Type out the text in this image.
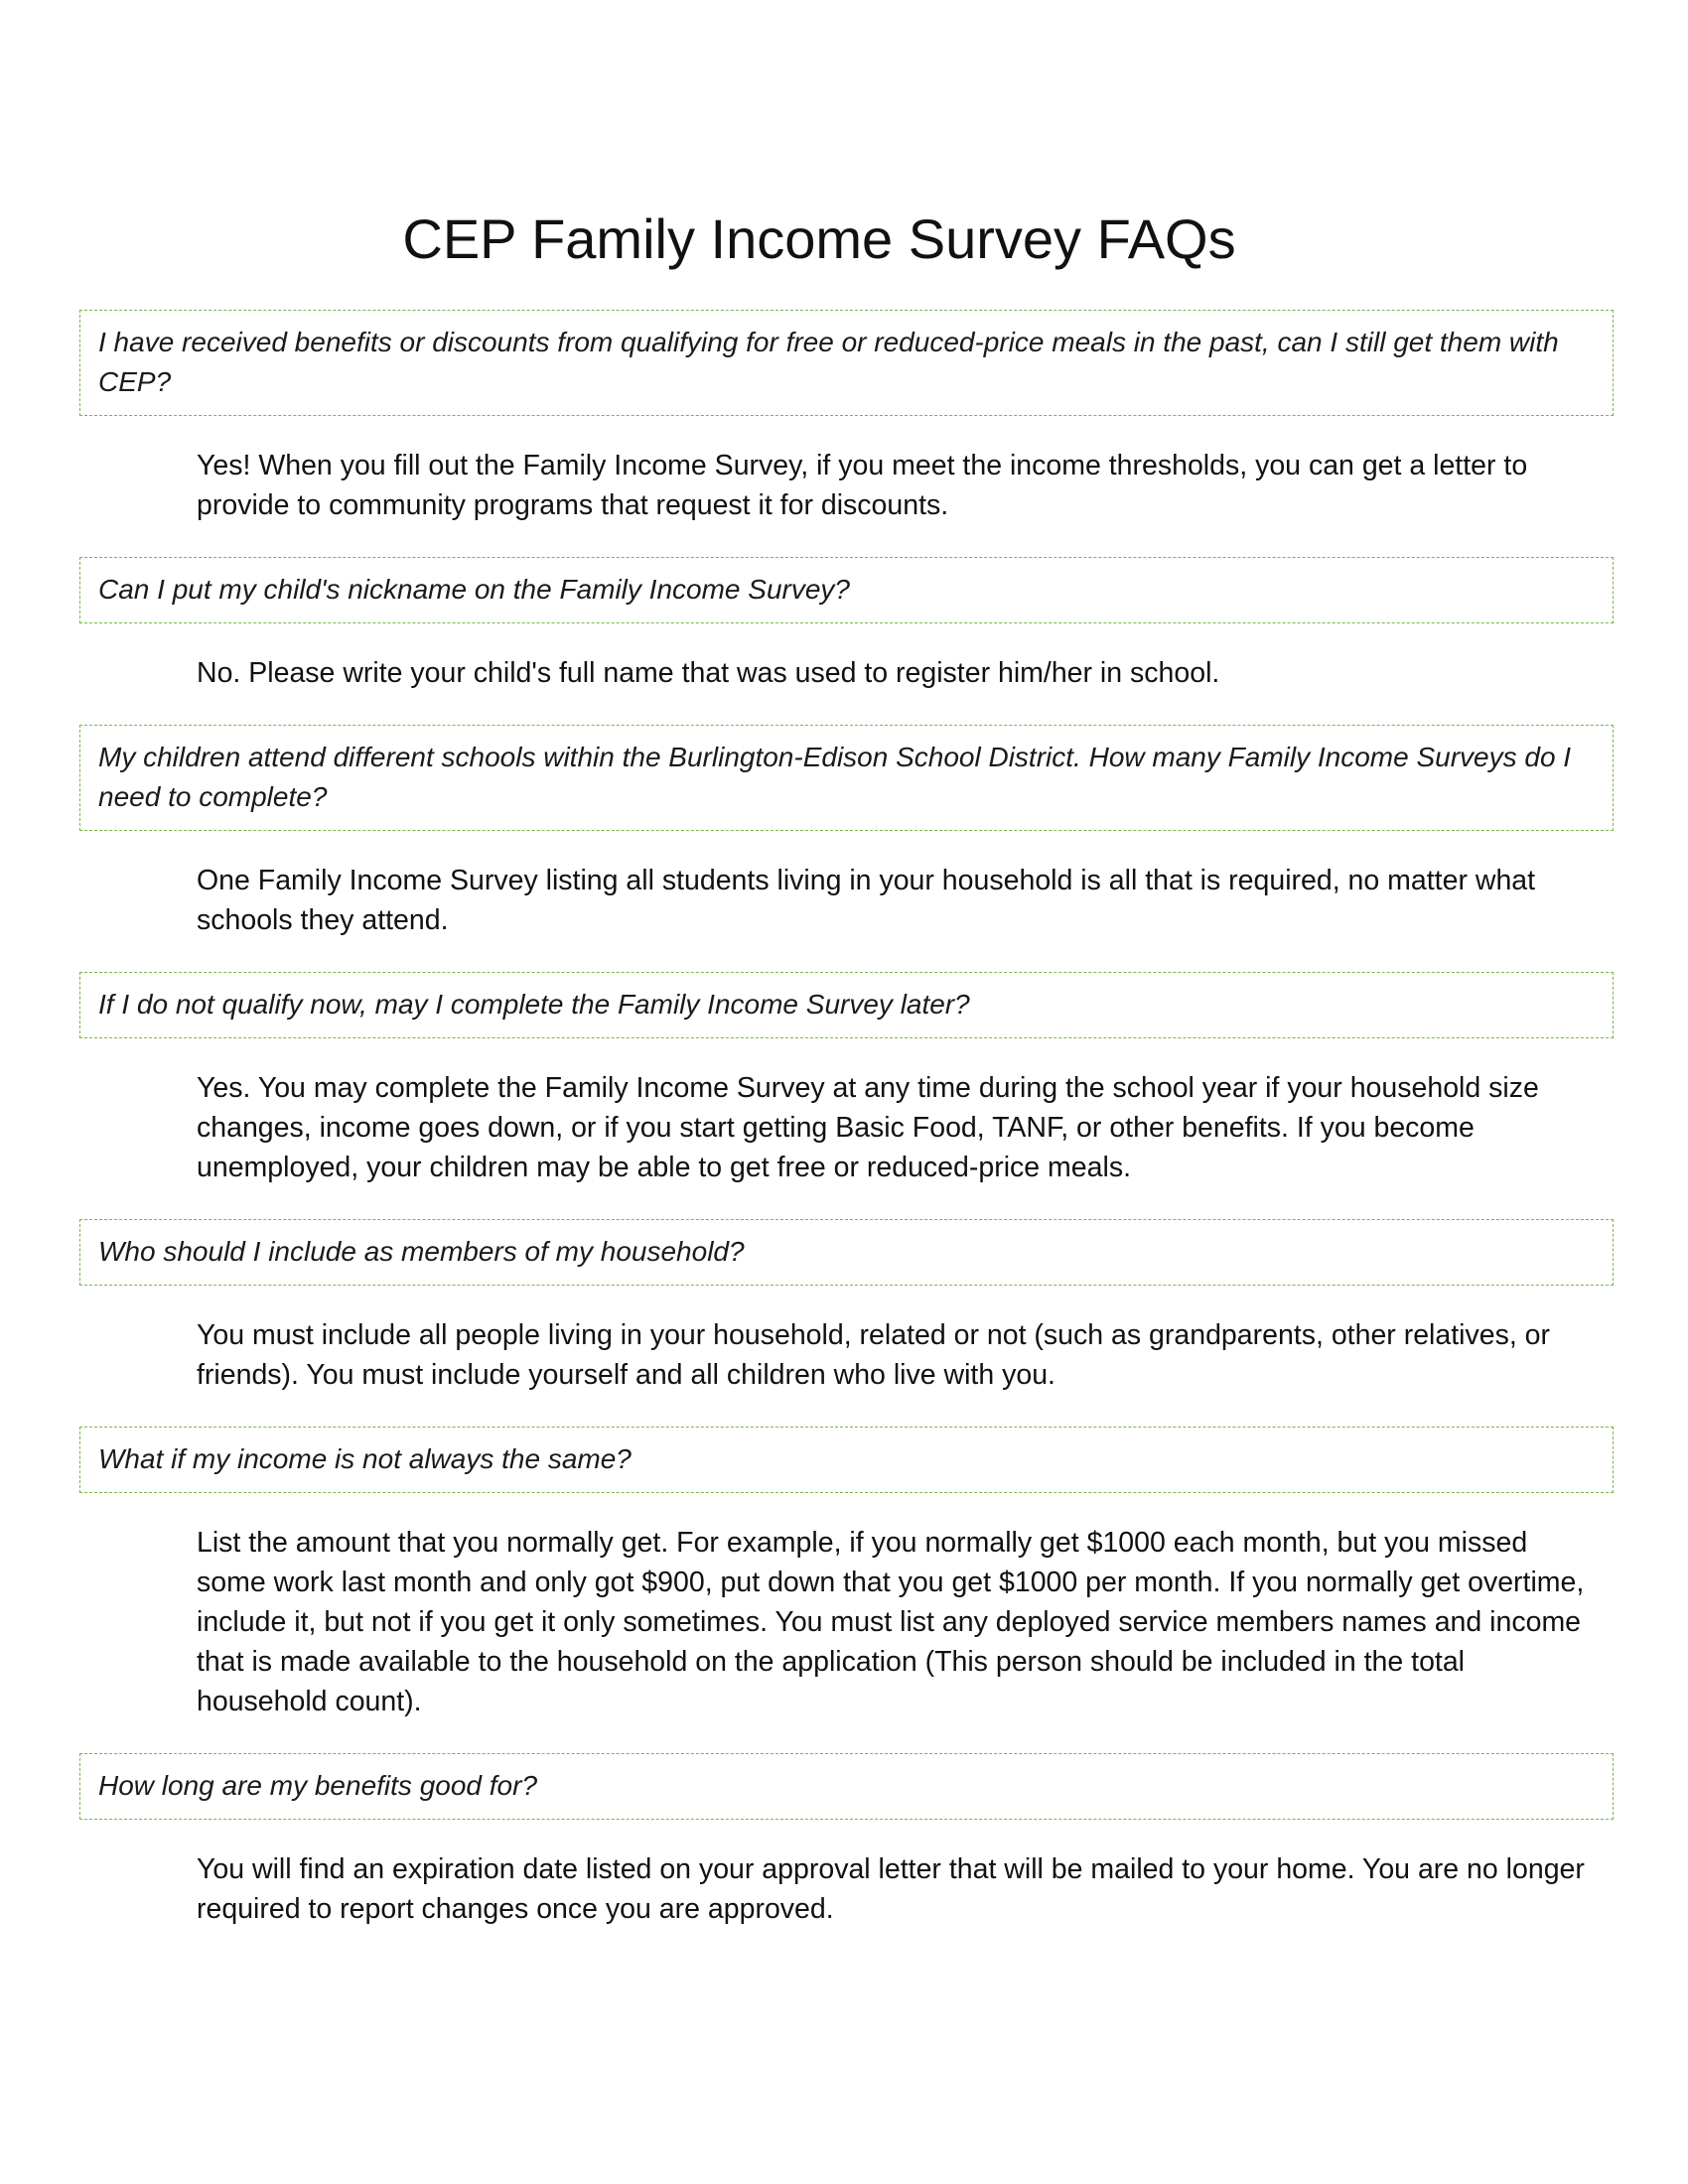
CEP Family Income Survey FAQs
I have received benefits or discounts from qualifying for free or reduced-price meals in the past, can I still get them with CEP?
Yes! When you fill out the Family Income Survey, if you meet the income thresholds, you can get a letter to provide to community programs that request it for discounts.
Can I put my child's nickname on the Family Income Survey?
No. Please write your child's full name that was used to register him/her in school.
My children attend different schools within the Burlington-Edison School District. How many Family Income Surveys do I need to complete?
One Family Income Survey listing all students living in your household is all that is required, no matter what schools they attend.
If I do not qualify now, may I complete the Family Income Survey later?
Yes. You may complete the Family Income Survey at any time during the school year if your household size changes, income goes down, or if you start getting Basic Food, TANF, or other benefits. If you become unemployed, your children may be able to get free or reduced-price meals.
Who should I include as members of my household?
You must include all people living in your household, related or not (such as grandparents, other relatives, or friends). You must include yourself and all children who live with you.
What if my income is not always the same?
List the amount that you normally get. For example, if you normally get $1000 each month, but you missed some work last month and only got $900, put down that you get $1000 per month. If you normally get overtime, include it, but not if you get it only sometimes. You must list any deployed service members names and income that is made available to the household on the application (This person should be included in the total household count).
How long are my benefits good for?
You will find an expiration date listed on your approval letter that will be mailed to your home. You are no longer required to report changes once you are approved.
